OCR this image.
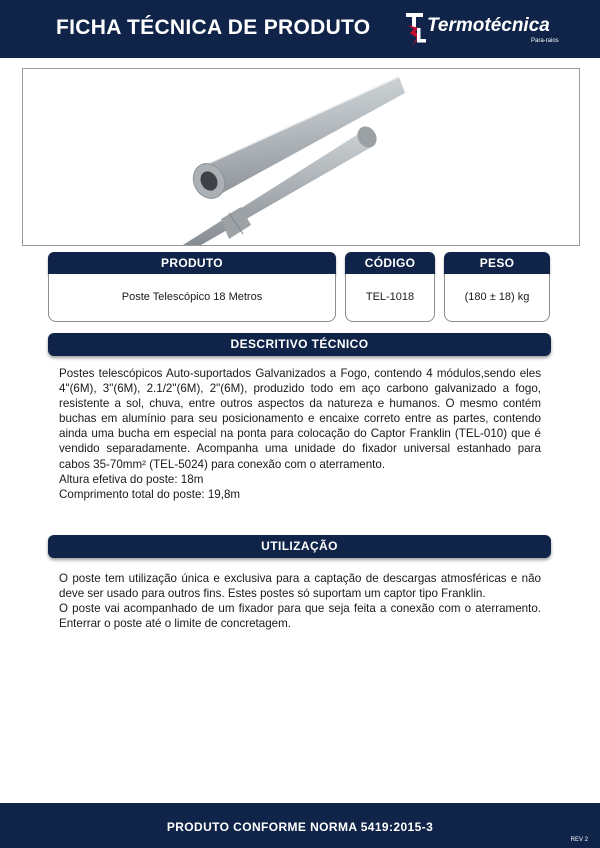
FICHA TÉCNICA DE PRODUTO	Termotécnica
Para-raios
PRODUTO	CÓDIGO	PESO
Poste Telescópico 18 Metros	TEL-1018	(180 ± 18) kg
DESCRITIVO TÉCNICO

Postes telescópicos Auto-suportados Galvanizados a Fogo, contendo 4 módulos,sendo eles 4"(6M), 3"(6M), 2.1/2"(6M), 2"(6M), produzido todo em aço carbono galvanizado a fogo, resistente a sol, chuva, entre outros aspectos da natureza e humanos. O mesmo contém buchas em alumínio para seu posicionamento e encaixe correto entre as partes, contendo ainda uma bucha em especial na ponta para colocação do Captor Franklin (TEL-010) que é vendido separadamente. Acompanha uma unidade do fixador universal estanhado para cabos 35-70mm² (TEL-5024) para conexão com o aterramento.

Altura efetiva do poste: 18m

Comprimento total do poste: 19,8m

UTILIZAÇÃO

O poste tem utilização única e exclusiva para a captação de descargas atmosféricas e não deve ser usado para outros fins. Estes postes só suportam um captor tipo Franklin.

O poste vai acompanhado de um fixador para que seja feita a conexão com o aterramento. Enterrar o poste até o limite de concretagem.

PRODUTO CONFORME NORMA 5419:2015-3
REV 2
